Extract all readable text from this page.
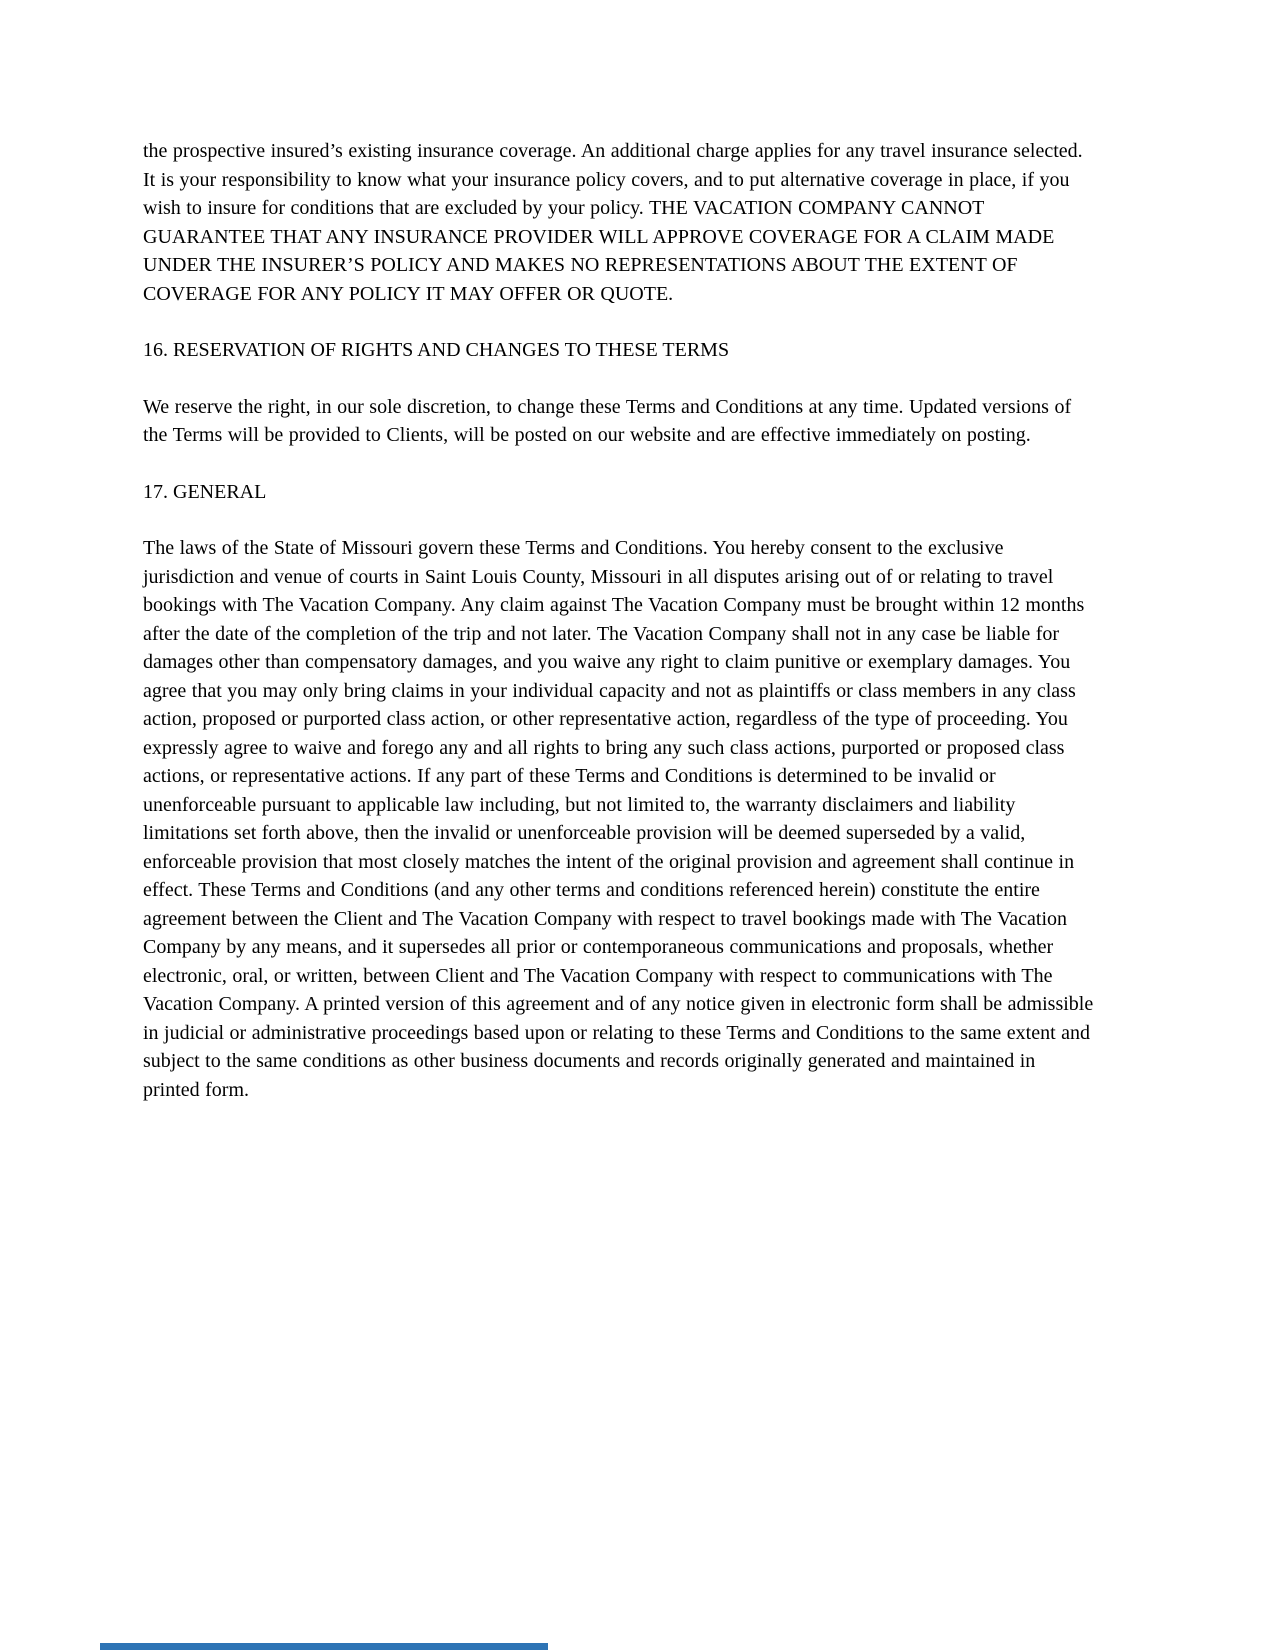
the prospective insured’s existing insurance coverage. An additional charge applies for any travel insurance selected. It is your responsibility to know what your insurance policy covers, and to put alternative coverage in place, if you wish to insure for conditions that are excluded by your policy. THE VACATION COMPANY CANNOT GUARANTEE THAT ANY INSURANCE PROVIDER WILL APPROVE COVERAGE FOR A CLAIM MADE UNDER THE INSURER’S POLICY AND MAKES NO REPRESENTATIONS ABOUT THE EXTENT OF COVERAGE FOR ANY POLICY IT MAY OFFER OR QUOTE.

16. RESERVATION OF RIGHTS AND CHANGES TO THESE TERMS

We reserve the right, in our sole discretion, to change these Terms and Conditions at any time. Updated versions of the Terms will be provided to Clients, will be posted on our website and are effective immediately on posting.

17. GENERAL

The laws of the State of Missouri govern these Terms and Conditions. You hereby consent to the exclusive jurisdiction and venue of courts in Saint Louis County, Missouri in all disputes arising out of or relating to travel bookings with The Vacation Company. Any claim against The Vacation Company must be brought within 12 months after the date of the completion of the trip and not later. The Vacation Company shall not in any case be liable for damages other than compensatory damages, and you waive any right to claim punitive or exemplary damages. You agree that you may only bring claims in your individual capacity and not as plaintiffs or class members in any class action, proposed or purported class action, or other representative action, regardless of the type of proceeding. You expressly agree to waive and forego any and all rights to bring any such class actions, purported or proposed class actions, or representative actions. If any part of these Terms and Conditions is determined to be invalid or unenforceable pursuant to applicable law including, but not limited to, the warranty disclaimers and liability limitations set forth above, then the invalid or unenforceable provision will be deemed superseded by a valid, enforceable provision that most closely matches the intent of the original provision and agreement shall continue in effect. These Terms and Conditions (and any other terms and conditions referenced herein) constitute the entire agreement between the Client and The Vacation Company with respect to travel bookings made with The Vacation Company by any means, and it supersedes all prior or contemporaneous communications and proposals, whether electronic, oral, or written, between Client and The Vacation Company with respect to communications with The Vacation Company. A printed version of this agreement and of any notice given in electronic form shall be admissible in judicial or administrative proceedings based upon or relating to these Terms and Conditions to the same extent and subject to the same conditions as other business documents and records originally generated and maintained in printed form.
